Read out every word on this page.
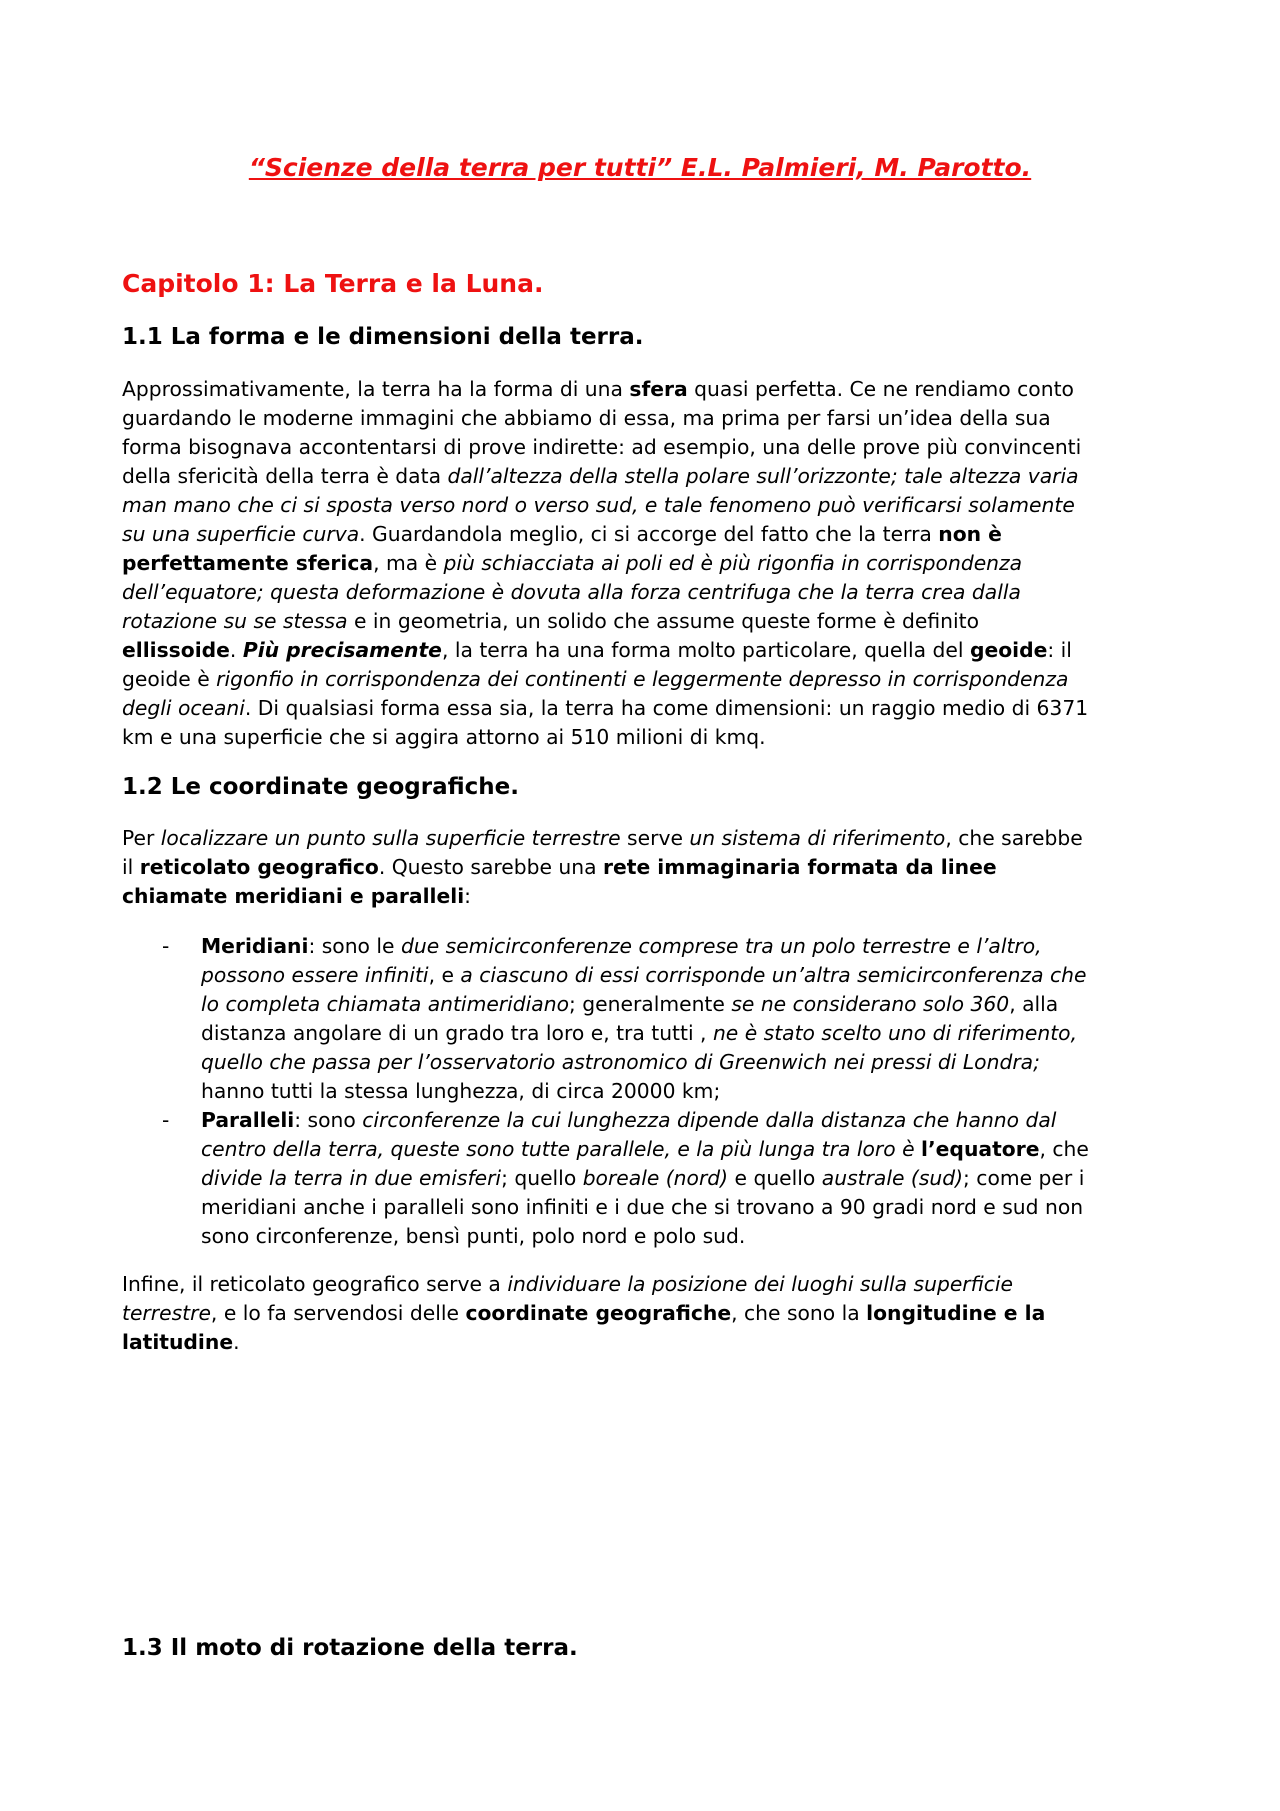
“Scienze della terra per tutti” E.L. Palmieri, M. Parotto.
Capitolo 1: La Terra e la Luna.
1.1 La forma e le dimensioni della terra.

Approssimativamente, la terra ha la forma di una sfera quasi perfetta. Ce ne rendiamo conto
guardando le moderne immagini che abbiamo di essa, ma prima per farsi un’idea della sua
forma bisognava accontentarsi di prove indirette: ad esempio, una delle prove più convincenti
della sfericità della terra è data dall’altezza della stella polare sull’orizzonte; tale altezza varia
man mano che ci si sposta verso nord o verso sud, e tale fenomeno può verificarsi solamente
su una superficie curva. Guardandola meglio, ci si accorge del fatto che la terra non è
perfettamente sferica, ma è più schiacciata ai poli ed è più rigonfia in corrispondenza
dell’equatore; questa deformazione è dovuta alla forza centrifuga che la terra crea dalla
rotazione su se stessa e in geometria, un solido che assume queste forme è definito
ellissoide. Più precisamente, la terra ha una forma molto particolare, quella del geoide: il
geoide è rigonfio in corrispondenza dei continenti e leggermente depresso in corrispondenza
degli oceani. Di qualsiasi forma essa sia, la terra ha come dimensioni: un raggio medio di 6371
km e una superficie che si aggira attorno ai 510 milioni di kmq.

1.2 Le coordinate geografiche.

Per localizzare un punto sulla superficie terrestre serve un sistema di riferimento, che sarebbe
il reticolato geografico. Questo sarebbe una rete immaginaria formata da linee
chiamate meridiani e paralleli:

- Meridiani: sono le due semicirconferenze comprese tra un polo terrestre e l’altro,
possono essere infiniti, e a ciascuno di essi corrisponde un’altra semicirconferenza che
lo completa chiamata antimeridiano; generalmente se ne considerano solo 360, alla
distanza angolare di un grado tra loro e, tra tutti , ne è stato scelto uno di riferimento,
quello che passa per l’osservatorio astronomico di Greenwich nei pressi di Londra;
hanno tutti la stessa lunghezza, di circa 20000 km;
- Paralleli: sono circonferenze la cui lunghezza dipende dalla distanza che hanno dal
centro della terra, queste sono tutte parallele, e la più lunga tra loro è l’equatore, che
divide la terra in due emisferi; quello boreale (nord) e quello australe (sud); come per i
meridiani anche i paralleli sono infiniti e i due che si trovano a 90 gradi nord e sud non
sono circonferenze, bensì punti, polo nord e polo sud.

Infine, il reticolato geografico serve a individuare la posizione dei luoghi sulla superficie
terrestre, e lo fa servendosi delle coordinate geografiche, che sono la longitudine e la
latitudine.

1.3 Il moto di rotazione della terra.
